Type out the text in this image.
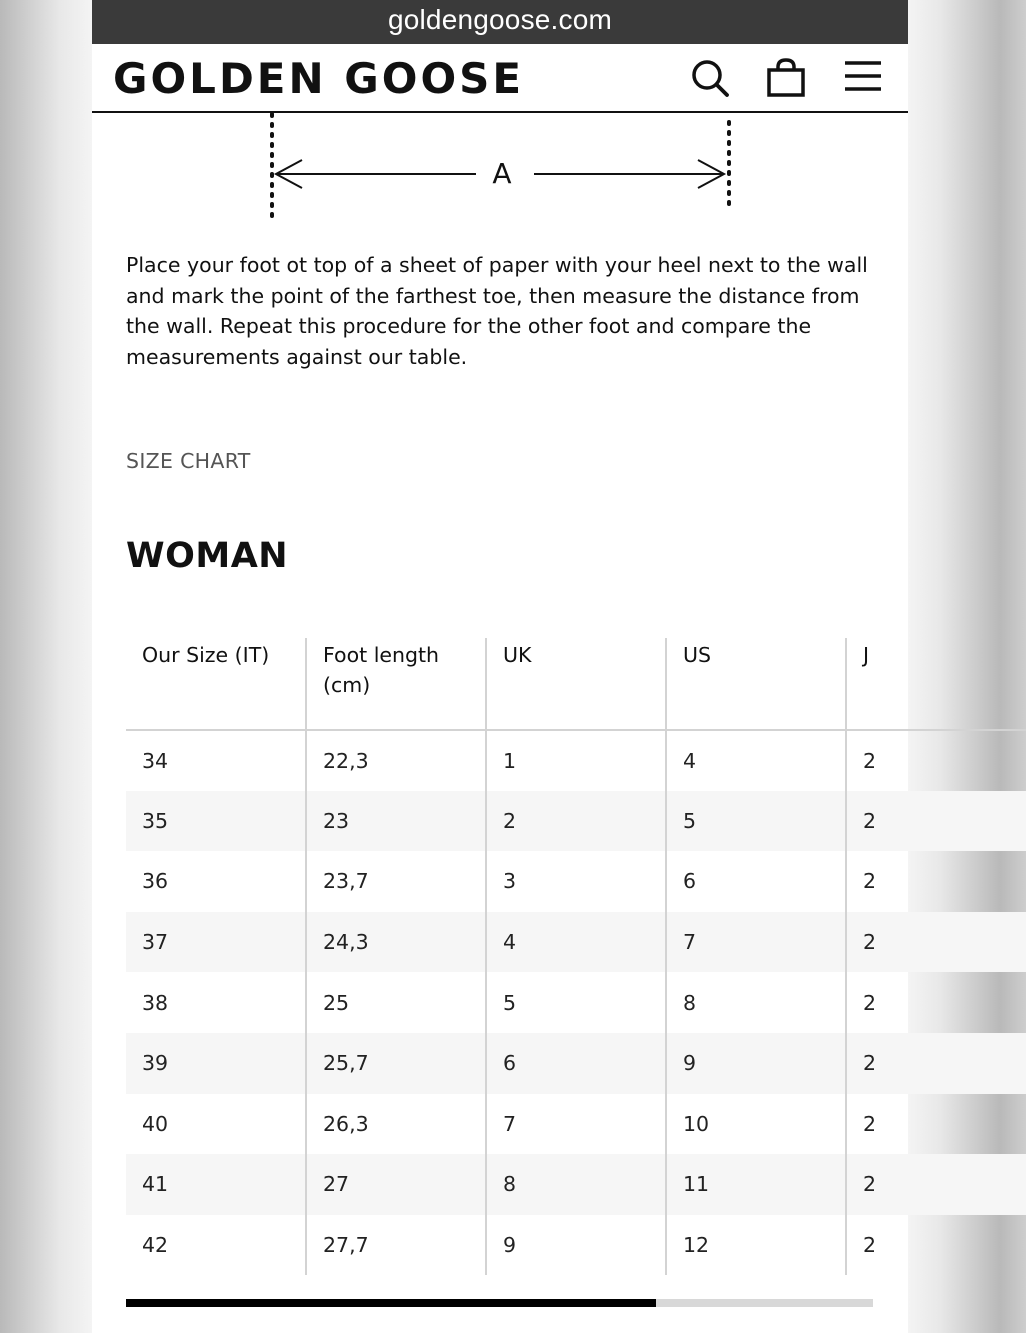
goldengoose.com
GOLDEN GOOSE
A

Place your foot ot top of a sheet of paper with your heel next to the wall and mark the point of the farthest toe, then measure the distance from the wall. Repeat this procedure for the other foot and compare the measurements against our table.

SIZE CHART
WOMAN
Our Size (IT)	Foot length (cm)	UK	US	J
34	22,3	1	4	2
35	23	2	5	2
36	23,7	3	6	2
37	24,3	4	7	2
38	25	5	8	2
39	25,7	6	9	2
40	26,3	7	10	2
41	27	8	11	2
42	27,7	9	12	2
